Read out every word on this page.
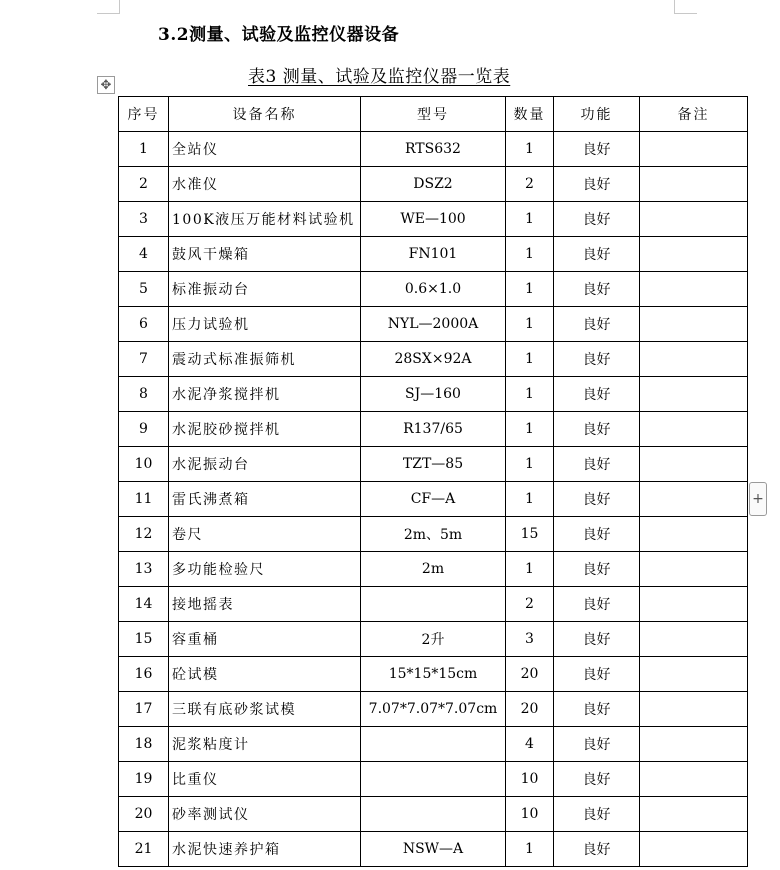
3.2测量、试验及监控仪器设备
表3 测量、试验及监控仪器一览表
✥
+
序号	设备名称	型号	数量	功能	备注
1	全站仪	RTS632	1	良好	
2	水准仪	DSZ2	2	良好	
3	100K液压万能材料试验机	WE—100	1	良好	
4	鼓风干燥箱	FN101	1	良好	
5	标准振动台	0.6×1.0	1	良好	
6	压力试验机	NYL—2000A	1	良好	
7	震动式标准振筛机	28SX×92A	1	良好	
8	水泥净浆搅拌机	SJ—160	1	良好	
9	水泥胶砂搅拌机	R137/65	1	良好	
10	水泥振动台	TZT—85	1	良好	
11	雷氏沸煮箱	CF—A	1	良好	
12	卷尺	2m、5m	15	良好	
13	多功能检验尺	2m	1	良好	
14	接地摇表		2	良好	
15	容重桶	2升	3	良好	
16	砼试模	15*15*15cm	20	良好	
17	三联有底砂浆试模	7.07*7.07*7.07cm	20	良好	
18	泥浆粘度计		4	良好	
19	比重仪		10	良好	
20	砂率测试仪		10	良好	
21	水泥快速养护箱	NSW—A	1	良好	
